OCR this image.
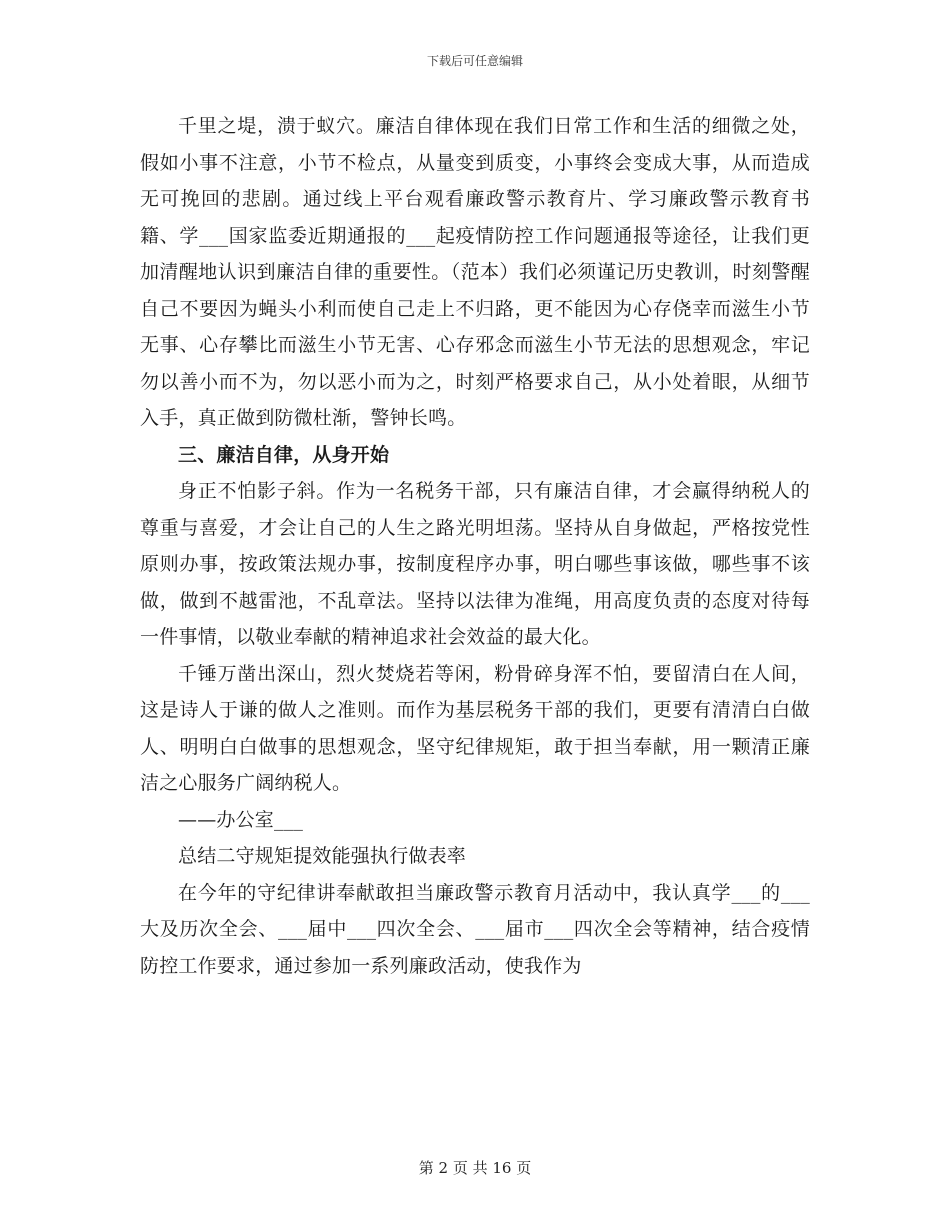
下载后可任意编辑

千里之堤，溃于蚁穴。廉洁自律体现在我们日常工作和生活的细微之处，假如小事不注意，小节不检点，从量变到质变，小事终会变成大事，从而造成无可挽回的悲剧。通过线上平台观看廉政警示教育片、学习廉政警示教育书籍、学___国家监委近期通报的___起疫情防控工作问题通报等途径，让我们更加清醒地认识到廉洁自律的重要性。（范本）我们必须谨记历史教训，时刻警醒自己不要因为蝇头小利而使自己走上不归路，更不能因为心存侥幸而滋生小节无事、心存攀比而滋生小节无害、心存邪念而滋生小节无法的思想观念，牢记勿以善小而不为，勿以恶小而为之，时刻严格要求自己，从小处着眼，从细节入手，真正做到防微杜渐，警钟长鸣。

三、廉洁自律，从身开始

身正不怕影子斜。作为一名税务干部，只有廉洁自律，才会赢得纳税人的尊重与喜爱，才会让自己的人生之路光明坦荡。坚持从自身做起，严格按党性原则办事，按政策法规办事，按制度程序办事，明白哪些事该做，哪些事不该做，做到不越雷池，不乱章法。坚持以法律为准绳，用高度负责的态度对待每一件事情，以敬业奉献的精神追求社会效益的最大化。

千锤万凿出深山，烈火焚烧若等闲，粉骨碎身浑不怕，要留清白在人间，这是诗人于谦的做人之准则。而作为基层税务干部的我们，更要有清清白白做人、明明白白做事的思想观念，坚守纪律规矩，敢于担当奉献，用一颗清正廉洁之心服务广阔纳税人。

——办公室___

总结二守规矩提效能强执行做表率

在今年的守纪律讲奉献敢担当廉政警示教育月活动中，我认真学___的___大及历次全会、___届中___四次全会、___届市___四次全会等精神，结合疫情防控工作要求，通过参加一系列廉政活动，使我作为

第 2 页 共 16 页
